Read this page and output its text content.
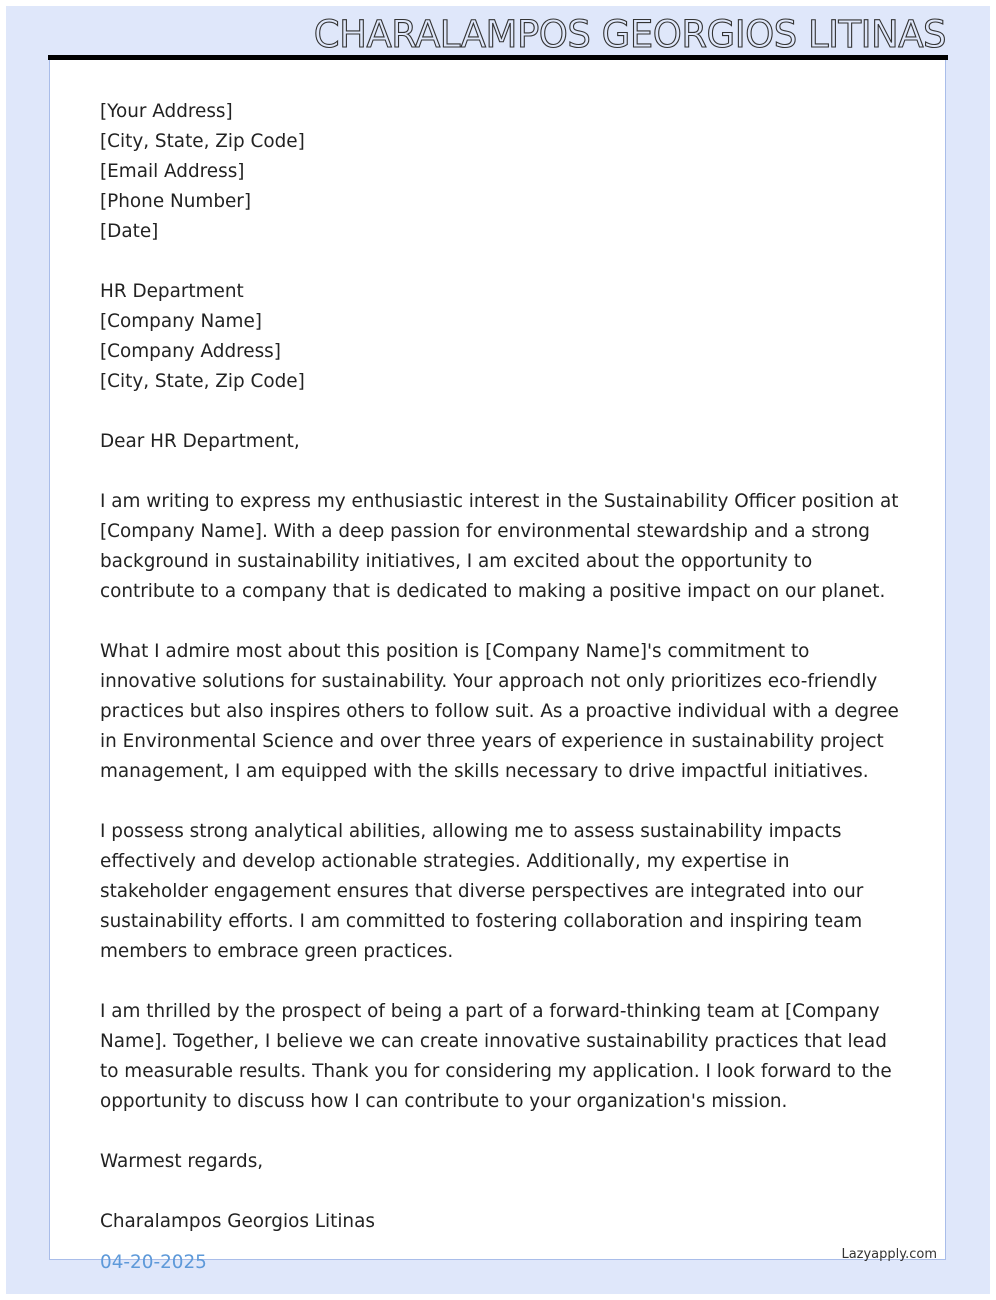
CHARALAMPOS GEORGIOS LITINAS

[Your Address]

[City, State, Zip Code]

[Email Address]

[Phone Number]

[Date]

HR Department

[Company Name]

[Company Address]

[City, State, Zip Code]

Dear HR Department,

I am writing to express my enthusiastic interest in the Sustainability Officer position at [Company Name]. With a deep passion for environmental stewardship and a strong background in sustainability initiatives, I am excited about the opportunity to contribute to a company that is dedicated to making a positive impact on our planet.

What I admire most about this position is [Company Name]'s commitment to innovative solutions for sustainability. Your approach not only prioritizes eco-friendly practices but also inspires others to follow suit. As a proactive individual with a degree in Environmental Science and over three years of experience in sustainability project management, I am equipped with the skills necessary to drive impactful initiatives.

I possess strong analytical abilities, allowing me to assess sustainability impacts effectively and develop actionable strategies. Additionally, my expertise in stakeholder engagement ensures that diverse perspectives are integrated into our sustainability efforts. I am committed to fostering collaboration and inspiring team members to embrace green practices.

I am thrilled by the prospect of being a part of a forward-thinking team at [Company Name]. Together, I believe we can create innovative sustainability practices that lead to measurable results. Thank you for considering my application. I look forward to the opportunity to discuss how I can contribute to your organization's mission.

Warmest regards,

Charalampos Georgios Litinas

04-20-2025	Lazyapply.com
